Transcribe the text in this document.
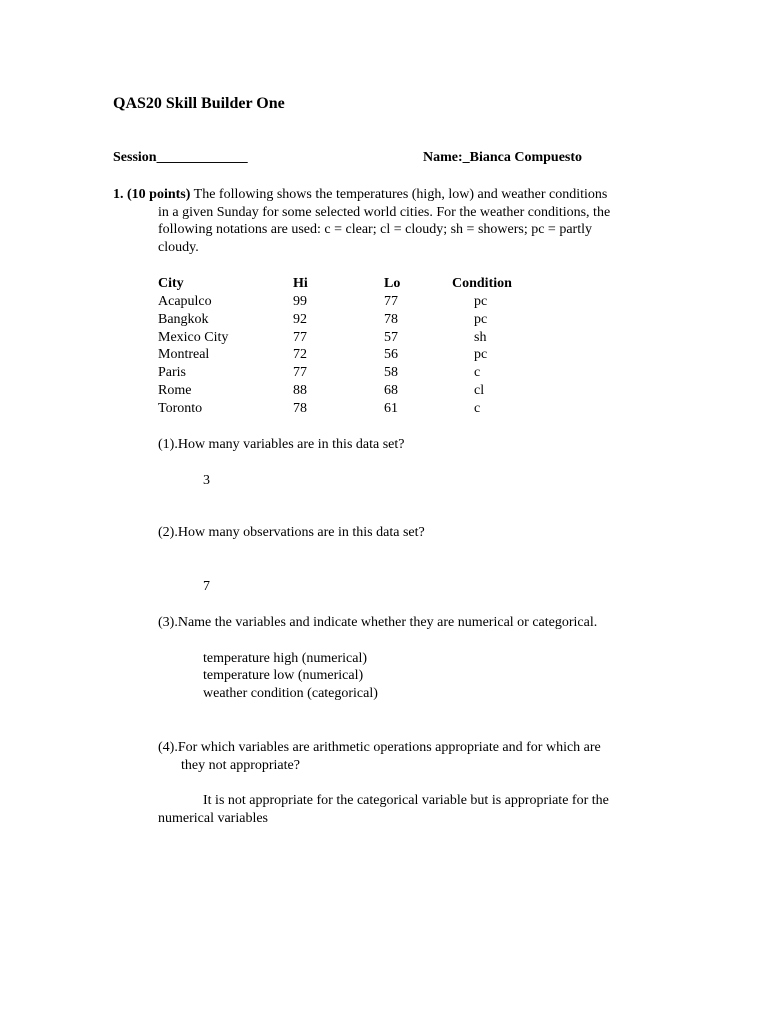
QAS20 Skill Builder One
Session_____________	Name:_Bianca Compuesto
1. (10 points) The following shows the temperatures (high, low) and weather conditions
in a given Sunday for some selected world cities. For the weather conditions, the
following notations are used: c = clear; cl = cloudy; sh = showers; pc = partly
cloudy.
City	Hi	Lo	Condition
Acapulco	99	77	pc
Bangkok	92	78	pc
Mexico City	77	57	sh
Montreal	72	56	pc
Paris	77	58	c
Rome	88	68	cl
Toronto	78	61	c
(1).How many variables are in this data set?
3
(2).How many observations are in this data set?
7
(3).Name the variables and indicate whether they are numerical or categorical.
temperature high (numerical)
temperature low (numerical)
weather condition (categorical)
(4).For which variables are arithmetic operations appropriate and for which are
they not appropriate?
It is not appropriate for the categorical variable but is appropriate for the
numerical variables
